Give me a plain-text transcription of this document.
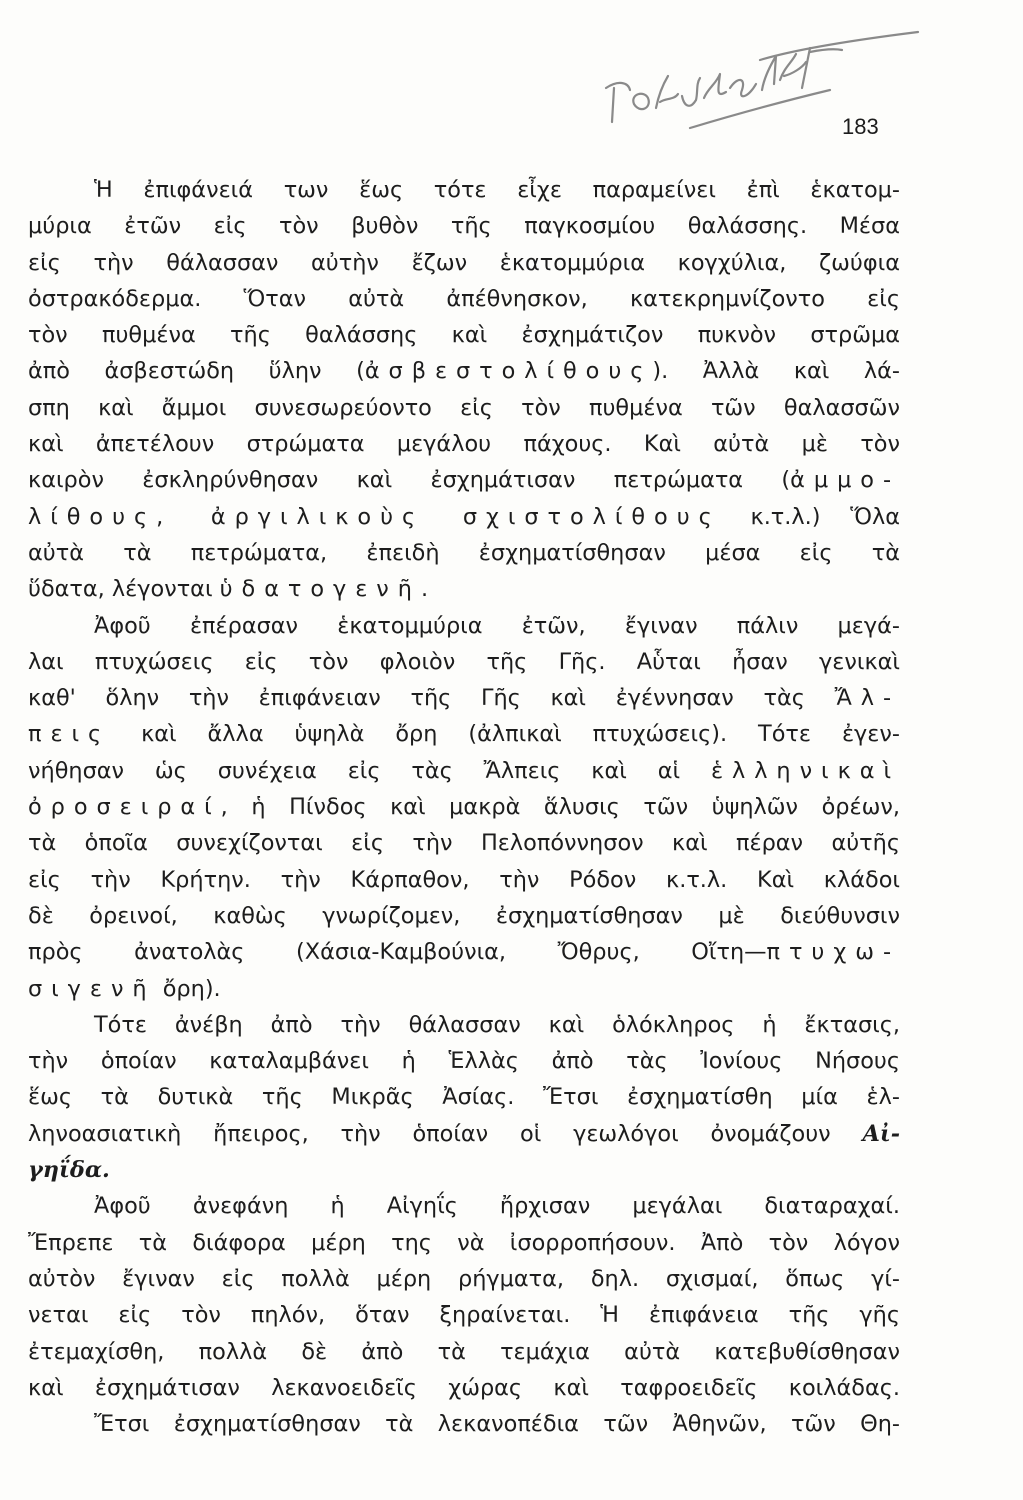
183
Ἡ ἐπιφάνειά των ἕως τότε εἶχε παραμείνει ἐπὶ ἑκατομ-
μύρια ἐτῶν εἰς τὸν βυθὸν τῆς παγκοσμίου θαλάσσης. Μέσα
εἰς τὴν θάλασσαν αὐτὴν ἔζων ἑκατομμύρια κογχύλια, ζωύφια
ὀστρακόδερμα. Ὅταν αὐτὰ ἀπέθνησκον, κατεκρημνίζοντο εἰς
τὸν πυθμένα τῆς θαλάσσης καὶ ἐσχημάτιζον πυκνὸν στρῶμα
ἀπὸ ἀσβεστώδη ὕλην (ἀσβεστολίθους). Ἀλλὰ καὶ λά-
σπη καὶ ἄμμοι συνεσωρεύοντο εἰς τὸν πυθμένα τῶν θαλασσῶν
καὶ ἀπετέλουν στρώματα μεγάλου πάχους. Καὶ αὐτὰ μὲ τὸν
καιρὸν ἐσκληρύνθησαν καὶ ἐσχημάτισαν πετρώματα (ἀμμο-
λίθους, ἀργιλικοὺς σχιστολίθους κ.τ.λ.) Ὅλα
αὐτὰ τὰ πετρώματα, ἐπειδὴ ἐσχηματίσθησαν μέσα εἰς τὰ
ὕδατα, λέγονται ὑδατογενῆ.
Ἀφοῦ ἐπέρασαν ἑκατομμύρια ἐτῶν, ἔγιναν πάλιν μεγά-
λαι πτυχώσεις εἰς τὸν φλοιὸν τῆς Γῆς. Αὗται ἦσαν γενικαὶ
καθ' ὅλην τὴν ἐπιφάνειαν τῆς Γῆς καὶ ἐγέννησαν τὰς Ἄλ-
πεις καὶ ἄλλα ὑψηλὰ ὄρη (ἀλπικαὶ πτυχώσεις). Τότε ἐγεν-
νήθησαν ὡς συνέχεια εἰς τὰς Ἄλπεις καὶ αἱ ἑλληνικαὶ
ὀροσειραί, ἡ Πίνδος καὶ μακρὰ ἅλυσις τῶν ὑψηλῶν ὀρέων,
τὰ ὁποῖα συνεχίζονται εἰς τὴν Πελοπόννησον καὶ πέραν αὐτῆς
εἰς τὴν Κρήτην. τὴν Κάρπαθον, τὴν Ρόδον κ.τ.λ. Καὶ κλάδοι
δὲ ὀρεινοί, καθὼς γνωρίζομεν, ἐσχηματίσθησαν μὲ διεύθυνσιν
πρὸς ἀνατολὰς (Χάσια-Καμβούνια, Ὄθρυς, Οἴτη—πτυχω-
σιγενῆ ὄρη).
Τότε ἀνέβη ἀπὸ τὴν θάλασσαν καὶ ὁλόκληρος ἡ ἔκτασις,
τὴν ὁποίαν καταλαμβάνει ἡ Ἑλλὰς ἀπὸ τὰς Ἰονίους Νήσους
ἕως τὰ δυτικὰ τῆς Μικρᾶς Ἀσίας. Ἔτσι ἐσχηματίσθη μία ἑλ-
ληνοασιατικὴ ἤπειρος, τὴν ὁποίαν οἱ γεωλόγοι ὀνομάζουν Αἰ-
γηΐδα.
Ἀφοῦ ἀνεφάνη ἡ Αἰγηΐς ἤρχισαν μεγάλαι διαταραχαί.
Ἔπρεπε τὰ διάφορα μέρη της νὰ ἰσορροπήσουν. Ἀπὸ τὸν λόγον
αὐτὸν ἔγιναν εἰς πολλὰ μέρη ρήγματα, δηλ. σχισμαί, ὅπως γί-
νεται εἰς τὸν πηλόν, ὅταν ξηραίνεται. Ἡ ἐπιφάνεια τῆς γῆς
ἐτεμαχίσθη, πολλὰ δὲ ἀπὸ τὰ τεμάχια αὐτὰ κατεβυθίσθησαν
καὶ ἐσχημάτισαν λεκανοειδεῖς χώρας καὶ ταφροειδεῖς κοιλάδας.
Ἔτσι ἐσχηματίσθησαν τὰ λεκανοπέδια τῶν Ἀθηνῶν, τῶν Θη-
